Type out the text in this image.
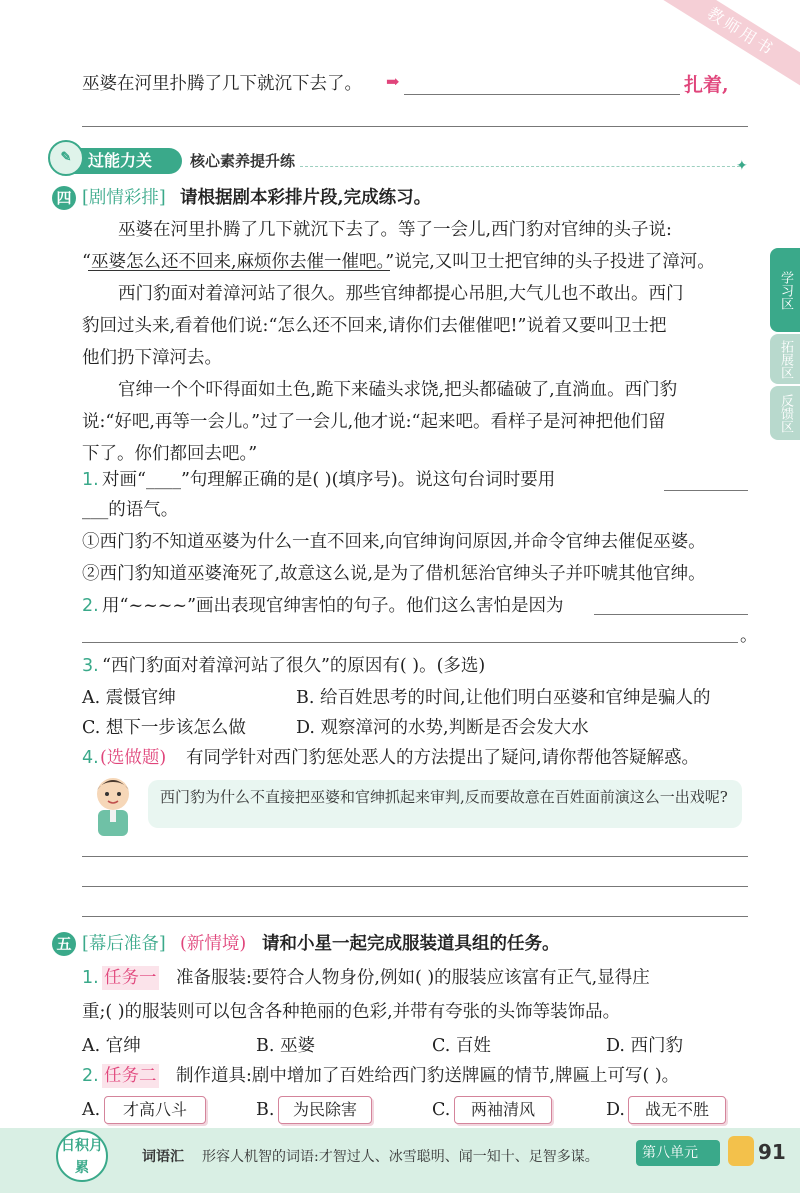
教师用书
巫婆在河里扑腾了几下就沉下去了。 ➡	扎着,
过能力关
✎	核心素养提升练	✦
四 [剧情彩排] 请根据剧本彩排片段,完成练习。
巫婆在河里扑腾了几下就沉下去了。等了一会儿,西门豹对官绅的头子说:
“巫婆怎么还不回来,麻烦你去催一催吧。”说完,又叫卫士把官绅的头子投进了漳河。
西门豹面对着漳河站了很久。那些官绅都提心吊胆,大气儿也不敢出。西门
豹回过头来,看着他们说:“怎么还不回来,请你们去催催吧!”说着又要叫卫士把
他们扔下漳河去。
官绅一个个吓得面如土色,跪下来磕头求饶,把头都磕破了,直淌血。西门豹
说:“好吧,再等一会儿。”过了一会儿,他才说:“起来吧。看样子是河神把他们留
下了。你们都回去吧。”
1. 对画“____”句理解正确的是( )(填序号)。说这句台词时要用
___的语气。
①西门豹不知道巫婆为什么一直不回来,向官绅询问原因,并命令官绅去催促巫婆。
②西门豹知道巫婆淹死了,故意这么说,是为了借机惩治官绅头子并吓唬其他官绅。
2. 用“~~~~”画出表现官绅害怕的句子。他们这么害怕是因为
。
3. “西门豹面对着漳河站了很久”的原因有( )。(多选)
A. 震慑官绅	B. 给百姓思考的时间,让他们明白巫婆和官绅是骗人的
C. 想下一步该怎么做	D. 观察漳河的水势,判断是否会发大水
4. (选做题) 有同学针对西门豹惩处恶人的方法提出了疑问,请你帮他答疑解惑。
西门豹为什么不直接把巫婆和官绅抓起来审判,反而要故意在百姓面前演这么一出戏呢?
五 [幕后准备] (新情境) 请和小星一起完成服装道具组的任务。
1. 任务一 准备服装:要符合人物身份,例如( )的服装应该富有正气,显得庄
重;( )的服装则可以包含各种艳丽的色彩,并带有夸张的头饰等装饰品。
A. 官绅	B. 巫婆	C. 百姓	D. 西门豹
2. 任务二 制作道具:剧中增加了百姓给西门豹送牌匾的情节,牌匾上可写( )。
A.	才高八斗	B.	为民除害	C.	两袖清风	D.	战无不胜
学习区
拓展区
反馈区
日积月累
词语汇 形容人机智的词语:才智过人、冰雪聪明、闻一知十、足智多谋。	第八单元	91
